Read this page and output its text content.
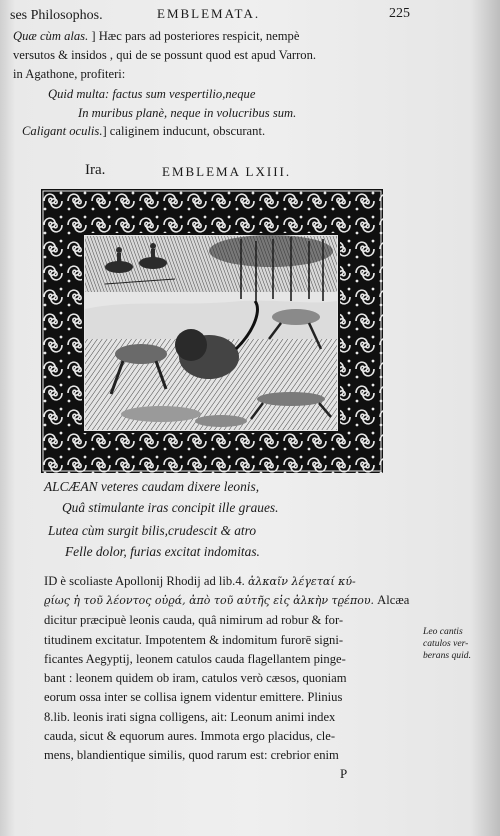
ses Philosophos.	EMBLEMATA.	225
Quæ cùm alas. ] Hæc pars ad posteriores respicit, nempè
versutos & insidos , qui de se possunt quod est apud Varron.
in Agathone, profiteri:
Quid multa: factus sum vespertilio,neque
In muribus planè, neque in volucribus sum.
Caligant oculis.] caliginem inducunt, obscurant.
Ira.	EMBLEMA LXIII.
ALCÆAN veteres caudam dixere leonis,
Quâ stimulante iras concipit ille graues.
Lutea cùm surgit bilis,crudescit & atro
Felle dolor, furias excitat indomitas.
ID è scoliaste Apollonij Rhodij ad lib.4. ἀλκαῖν λέγεταί κύ-
ϱίως ἡ τοῦ λέοντος οὐϱά, ἀπὸ τοῦ αὐτῆς εἰς ἀλκὴν τϱέπου. Alcæa
dicitur præcipuè leonis cauda, quâ nimirum ad robur & for-
titudinem excitatur. Impotentem & indomitum furorē signi-
ficantes Aegyptij, leonem catulos cauda flagellantem pinge-
bant : leonem quidem ob iram, catulos verò cæsos, quoniam
eorum ossa inter se collisa ignem videntur emittere. Plinius
8.lib. leonis irati signa colligens, ait: Leonum animi index
cauda, sicut & equorum aures. Immota ergo placidus, cle-
mens, blandientique similis, quod rarum est: crebrior enim
Leo cantis
catulos ver-
berans quid.
P
